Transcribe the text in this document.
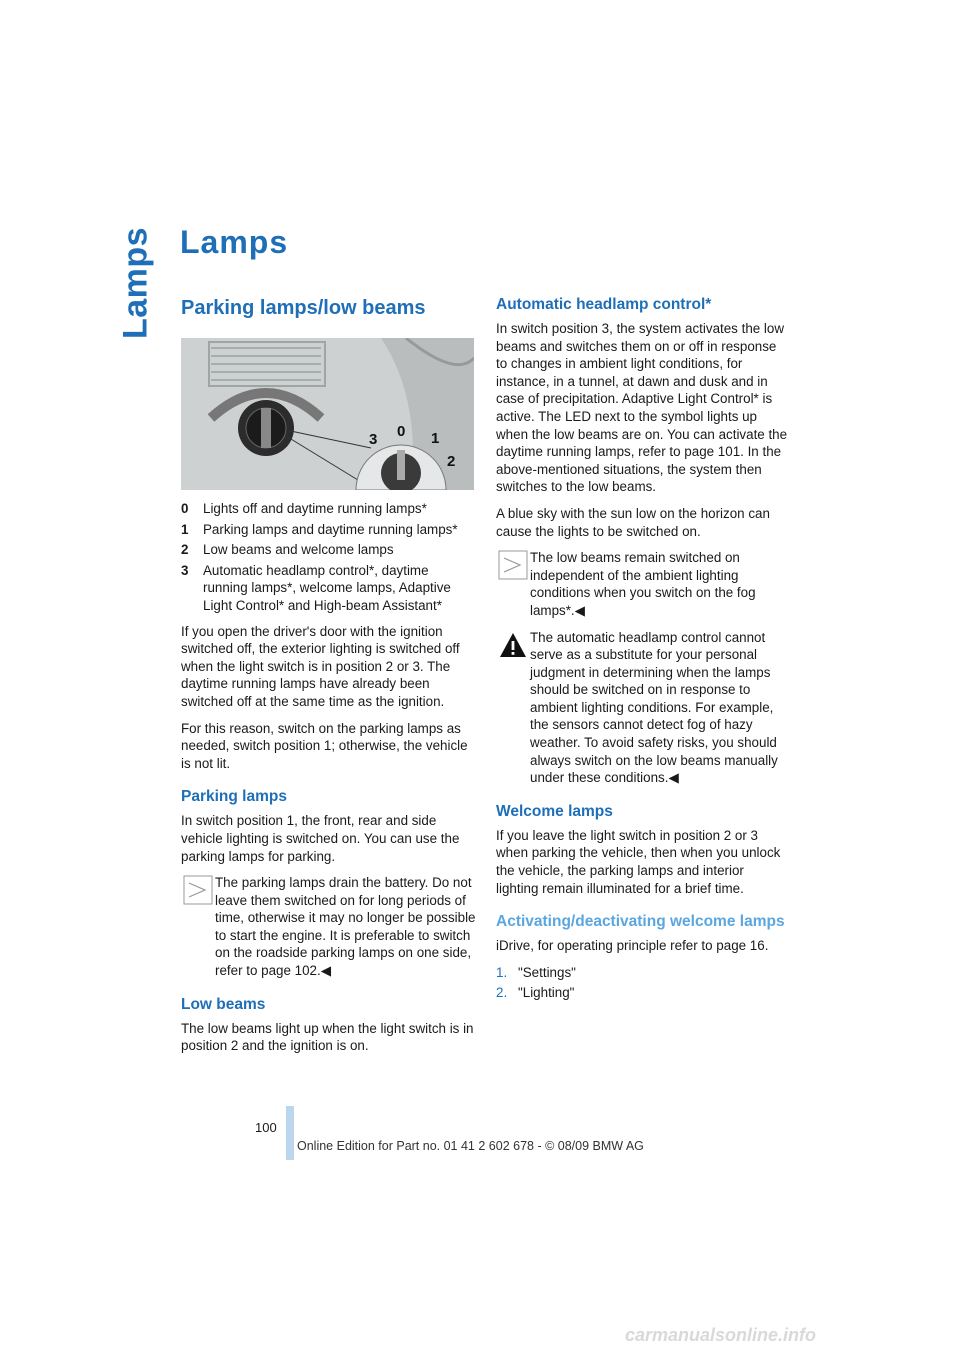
Lamps Lamps
Parking lamps/low beams
3 0 1
2
0	Lights off and daytime running lamps*
1	Parking lamps and daytime running lamps*
2	Low beams and welcome lamps
3	Automatic headlamp control*, daytime running lamps*, welcome lamps, Adaptive Light Control* and High-beam Assistant*

If you open the driver's door with the ignition switched off, the exterior lighting is switched off when the light switch is in position 2 or 3. The daytime running lamps have already been switched off at the same time as the ignition.

For this reason, switch on the parking lamps as needed, switch position 1; otherwise, the vehicle is not lit.

Parking lamps

In switch position 1, the front, rear and side vehicle lighting is switched on. You can use the parking lamps for parking.

The parking lamps drain the battery. Do not leave them switched on for long periods of time, otherwise it may no longer be possible to start the engine. It is preferable to switch on the roadside parking lamps on one side, refer to page 102.◀

Low beams

The low beams light up when the light switch is in position 2 and the ignition is on.

Automatic headlamp control*

In switch position 3, the system activates the low beams and switches them on or off in response to changes in ambient light conditions, for instance, in a tunnel, at dawn and dusk and in case of precipitation. Adaptive Light Control* is active. The LED next to the symbol lights up when the low beams are on. You can activate the daytime running lamps, refer to page 101. In the above-mentioned situations, the system then switches to the low beams.

A blue sky with the sun low on the horizon can cause the lights to be switched on.

The low beams remain switched on independent of the ambient lighting conditions when you switch on the fog lamps*.◀

The automatic headlamp control cannot serve as a substitute for your personal judgment in determining when the lamps should be switched on in response to ambient lighting conditions. For example, the sensors cannot detect fog of hazy weather. To avoid safety risks, you should always switch on the low beams manually under these conditions.◀

Welcome lamps

If you leave the light switch in position 2 or 3 when parking the vehicle, then when you unlock the vehicle, the parking lamps and interior lighting remain illuminated for a brief time.

Activating/deactivating welcome lamps

iDrive, for operating principle refer to page 16.

1. "Settings"
2. "Lighting"
100
Online Edition for Part no. 01 41 2 602 678 - © 08/09 BMW AG
carmanualsonline.info
